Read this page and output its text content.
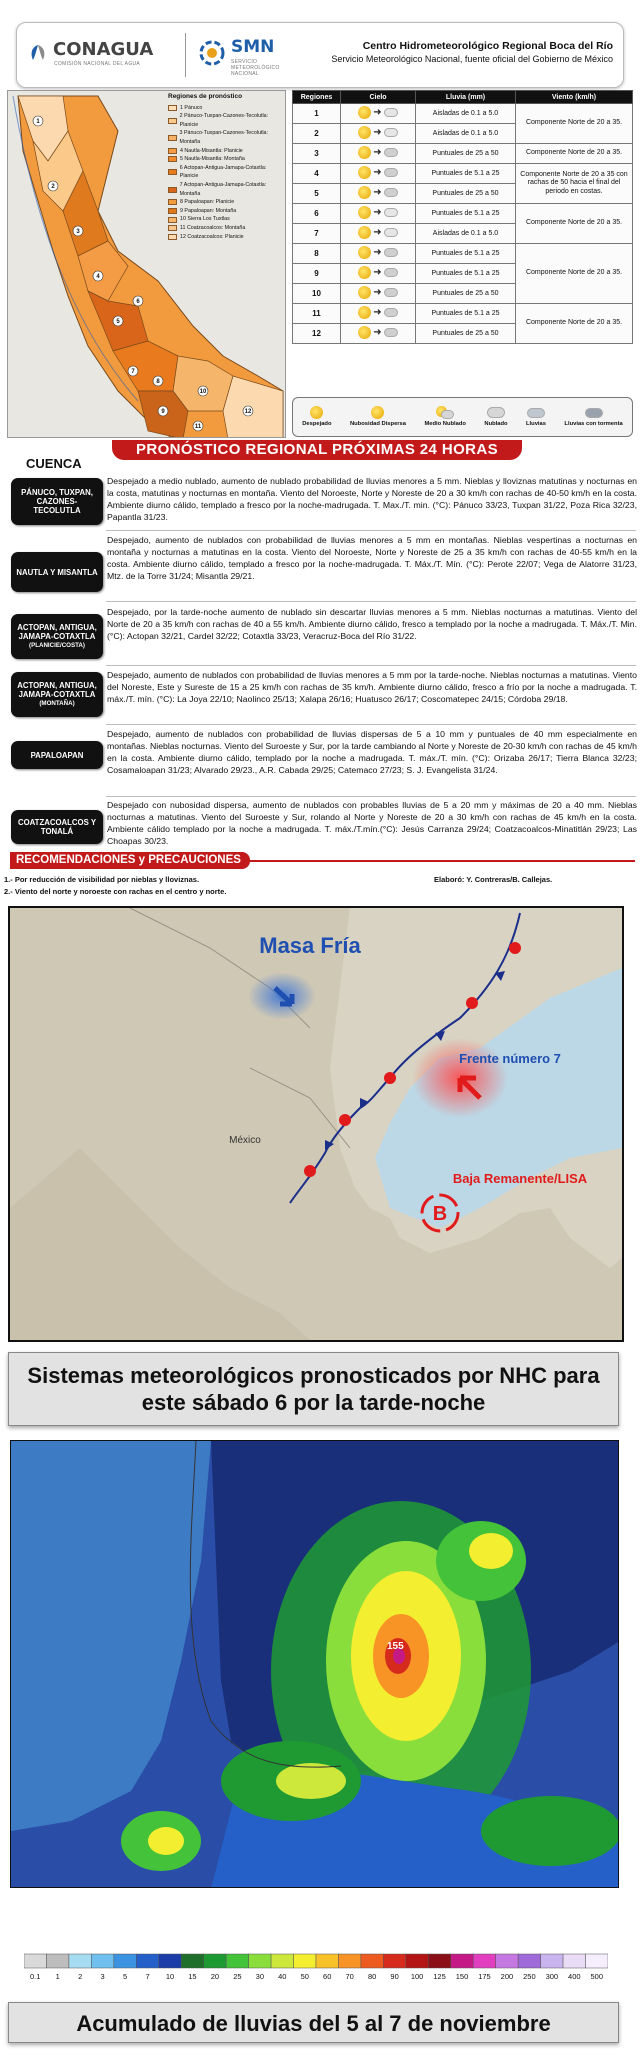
CONAGUA
COMISIÓN NACIONAL DEL AGUA
SMN
SERVICIO METEOROLÓGICO NACIONAL
Centro Hidrometeorológico Regional Boca del Río
Servicio Meteorológico Nacional, fuente oficial del Gobierno de México
1
2
3
4
5
6
7
8
9
10
11
12
Regiones de pronóstico
1 Pánuco
2 Pánuco-Tuxpan-Cazones-Tecolutla: Planicie
3 Pánuco-Tuxpan-Cazones-Tecolutla: Montaña
4 Nautla-Misantla: Planicie
5 Nautla-Misantla: Montaña
6 Actopan-Antigua-Jamapa-Cotaxtla: Planicie
7 Actopan-Antigua-Jamapa-Cotaxtla: Montaña
8 Papaloapan: Planicie
9 Papaloapan: Montaña
10 Sierra Los Tuxtlas
11 Coatzacoalcos: Montaña
12 Coatzacoalcos: Planicie
Regiones	Cielo	Lluvia (mm)	Viento (km/h)
1	➜	Aisladas de 0.1 a 5.0	Componente Norte de 20 a 35.
2	➜	Aisladas de 0.1 a 5.0	
3	➜	Puntuales de 25 a 50	Componente Norte de 20 a 35.
4	➜	Puntuales de 5.1 a 25	Componente Norte de 20 a 35 con rachas de 50 hacia el final del periodo en costas.
5	➜	Puntuales de 25 a 50	
6	➜	Puntuales de 5.1 a 25	Componente Norte de 20 a 35.
7	➜	Aisladas de 0.1 a 5.0	
8	➜	Puntuales de 5.1 a 25	Componente Norte de 20 a 35.
9	➜	Puntuales de 5.1 a 25	
10	➜	Puntuales de 25 a 50	
11	➜	Puntuales de 5.1 a 25	Componente Norte de 20 a 35.
12	➜	Puntuales de 25 a 50	
Despejado	Nubosidad Dispersa	Medio Nublado	Nublado	Lluvias	Lluvias con tormenta
PRONÓSTICO REGIONAL PRÓXIMAS 24 HORAS
CUENCA
PÁNUCO, TUXPAN, CAZONES-TECOLUTLA
Despejado a medio nublado, aumento de nublado probabilidad de lluvias menores a 5 mm. Nieblas y lloviznas matutinas y nocturnas en la costa, matutinas y nocturnas en montaña. Viento del Noroeste, Norte y Noreste de 20 a 30 km/h con rachas de 40-50 km/h en la costa. Ambiente diurno cálido, templado a fresco por la noche-madrugada. T. Max./T. min. (°C): Pánuco 33/23, Tuxpan 31/22, Poza Rica 32/23, Papantla 31/23.
NAUTLA Y MISANTLA
Despejado, aumento de nublados con probabilidad de lluvias menores a 5 mm en montañas. Nieblas vespertinas a nocturnas en montaña y nocturnas a matutinas en la costa. Viento del Noroeste, Norte y Noreste de 25 a 35 km/h con rachas de 40-55 km/h en la costa. Ambiente diurno cálido, templado a fresco por la noche-madrugada. T. Máx./T. Mín. (°C): Perote 22/07; Vega de Alatorre 31/23, Mtz. de la Torre 31/24; Misantla 29/21.
ACTOPAN, ANTIGUA, JAMAPA-COTAXTLA
(PLANICIE/COSTA)
Despejado, por la tarde-noche aumento de nublado sin descartar lluvias menores a 5 mm. Nieblas nocturnas a matutinas. Viento del Norte de 20 a 35 km/h con rachas de 40 a 55 km/h. Ambiente diurno cálido, fresco a templado por la noche a madrugada. T. Máx./T. Min. (°C): Actopan 32/21, Cardel 32/22; Cotaxtla 33/23, Veracruz-Boca del Río 31/22.
ACTOPAN, ANTIGUA, JAMAPA-COTAXTLA
(MONTAÑA)
Despejado, aumento de nublados con probabilidad de lluvias menores a 5 mm por la tarde-noche. Nieblas nocturnas a matutinas. Viento del Noreste, Este y Sureste de 15 a 25 km/h con rachas de 35 km/h. Ambiente diurno cálido, fresco a frío por la noche a madrugada. T. máx./T. mín. (°C): La Joya 22/10; Naolinco 25/13; Xalapa 26/16; Huatusco 26/17; Coscomatepec 24/15; Córdoba 29/18.
PAPALOAPAN
Despejado, aumento de nublados con probabilidad de lluvias dispersas de 5 a 10 mm y puntuales de 40 mm especialmente en montañas. Nieblas nocturnas. Viento del Suroeste y Sur, por la tarde cambiando al Norte y Noreste de 20-30 km/h con rachas de 45 km/h en la costa. Ambiente diurno cálido, templado por la noche a madrugada. T. máx./T. mín. (°C): Orizaba 26/17; Tierra Blanca 32/23; Cosamaloapan 31/23; Alvarado 29/23., A.R. Cabada 29/25; Catemaco 27/23; S. J. Evangelista 31/24.
COATZACOALCOS Y TONALÁ
Despejado con nubosidad dispersa, aumento de nublados con probables lluvias de 5 a 20 mm y máximas de 20 a 40 mm. Nieblas nocturnas a matutinas. Viento del Suroeste y Sur, rolando al Norte y Noreste de 20 a 30 km/h con rachas de 45 km/h en la costa. Ambiente cálido templado por la noche a madrugada. T. máx./T.mín.(°C): Jesús Carranza 29/24; Coatzacoalcos-Minatitlán 29/23; Las Choapas 30/23.
RECOMENDACIONES y PRECAUCIONES
1.- Por reducción de visibilidad por nieblas y lloviznas.
2.- Viento del norte y noroeste con rachas en el centro y norte.
Elaboró: Y. Contreras/B. Callejas.
B
Masa Fría
Frente número 7
Baja Remanente/LISA
México
Sistemas meteorológicos pronosticados por NHC para este sábado 6 por la tarde-noche
155
0.1	1	2	3	5	7	10	15	20	25	30	40	50	60	70	80	90	100	125	150	175	200	250	300	400	500
Acumulado de lluvias del 5 al 7 de noviembre
